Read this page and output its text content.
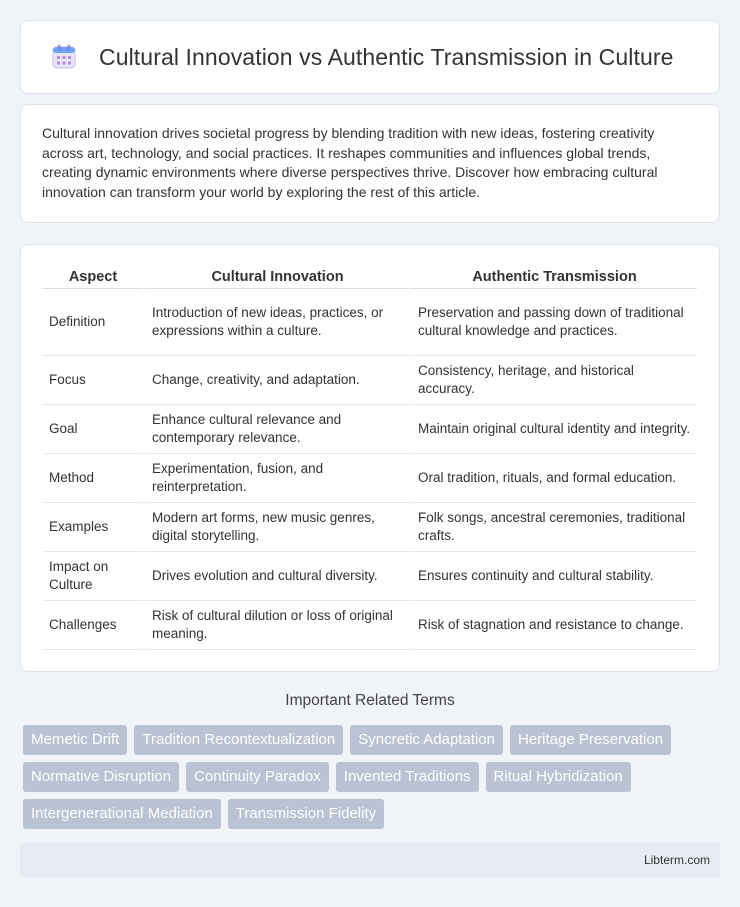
Cultural Innovation vs Authentic Transmission in Culture

Cultural innovation drives societal progress by blending tradition with new ideas, fostering creativity across art, technology, and social practices. It reshapes communities and influences global trends, creating dynamic environments where diverse perspectives thrive. Discover how embracing cultural innovation can transform your world by exploring the rest of this article.

Aspect	Cultural Innovation	Authentic Transmission
Definition	Introduction of new ideas, practices, or expressions within a culture.	Preservation and passing down of traditional cultural knowledge and practices.
Focus	Change, creativity, and adaptation.	Consistency, heritage, and historical accuracy.
Goal	Enhance cultural relevance and contemporary relevance.	Maintain original cultural identity and integrity.
Method	Experimentation, fusion, and reinterpretation.	Oral tradition, rituals, and formal education.
Examples	Modern art forms, new music genres, digital storytelling.	Folk songs, ancestral ceremonies, traditional crafts.
Impact on Culture	Drives evolution and cultural diversity.	Ensures continuity and cultural stability.
Challenges	Risk of cultural dilution or loss of original meaning.	Risk of stagnation and resistance to change.
Important Related Terms
Memetic Drift	Tradition Recontextualization	Syncretic Adaptation	Heritage Preservation
Normative Disruption	Continuity Paradox	Invented Traditions	Ritual Hybridization
Intergenerational Mediation	Transmission Fidelity
Libterm.com
